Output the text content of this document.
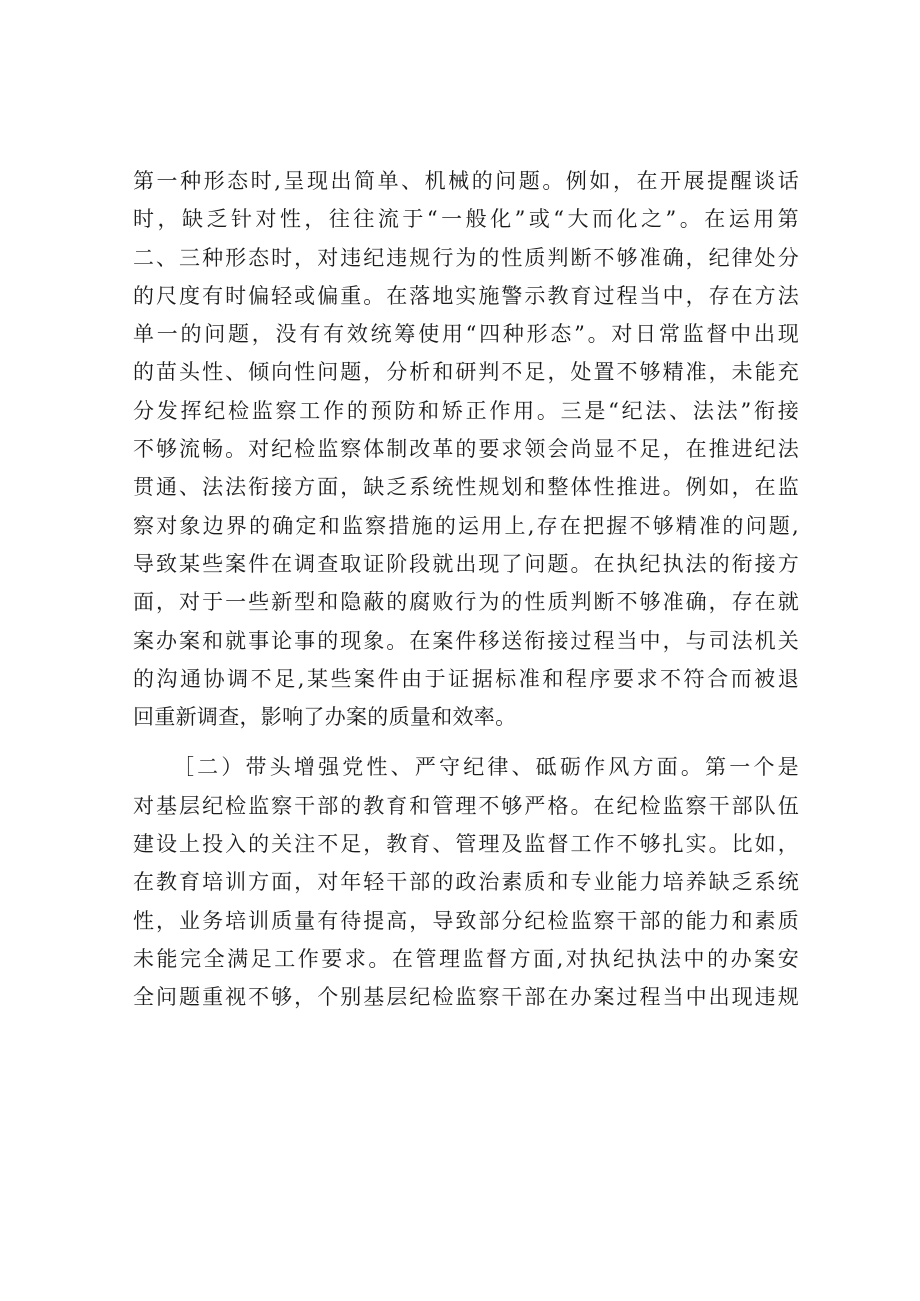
第一种形态时,呈现出简单、机械的问题。例如，在开展提醒谈话
时，缺乏针对性，往往流于“一般化”或“大而化之”。在运用第
二、三种形态时，对违纪违规行为的性质判断不够准确，纪律处分
的尺度有时偏轻或偏重。在落地实施警示教育过程当中，存在方法
单一的问题，没有有效统筹使用“四种形态”。对日常监督中出现
的苗头性、倾向性问题，分析和研判不足，处置不够精准，未能充
分发挥纪检监察工作的预防和矫正作用。三是“纪法、法法”衔接
不够流畅。对纪检监察体制改革的要求领会尚显不足，在推进纪法
贯通、法法衔接方面，缺乏系统性规划和整体性推进。例如，在监
察对象边界的确定和监察措施的运用上,存在把握不够精准的问题,
导致某些案件在调查取证阶段就出现了问题。在执纪执法的衔接方
面，对于一些新型和隐蔽的腐败行为的性质判断不够准确，存在就
案办案和就事论事的现象。在案件移送衔接过程当中，与司法机关
的沟通协调不足,某些案件由于证据标准和程序要求不符合而被退
回重新调查，影响了办案的质量和效率。
［二）带头增强党性、严守纪律、砥砺作风方面。第一个是
对基层纪检监察干部的教育和管理不够严格。在纪检监察干部队伍
建设上投入的关注不足，教育、管理及监督工作不够扎实。比如，
在教育培训方面，对年轻干部的政治素质和专业能力培养缺乏系统
性，业务培训质量有待提高，导致部分纪检监察干部的能力和素质
未能完全满足工作要求。在管理监督方面,对执纪执法中的办案安
全问题重视不够，个别基层纪检监察干部在办案过程当中出现违规
